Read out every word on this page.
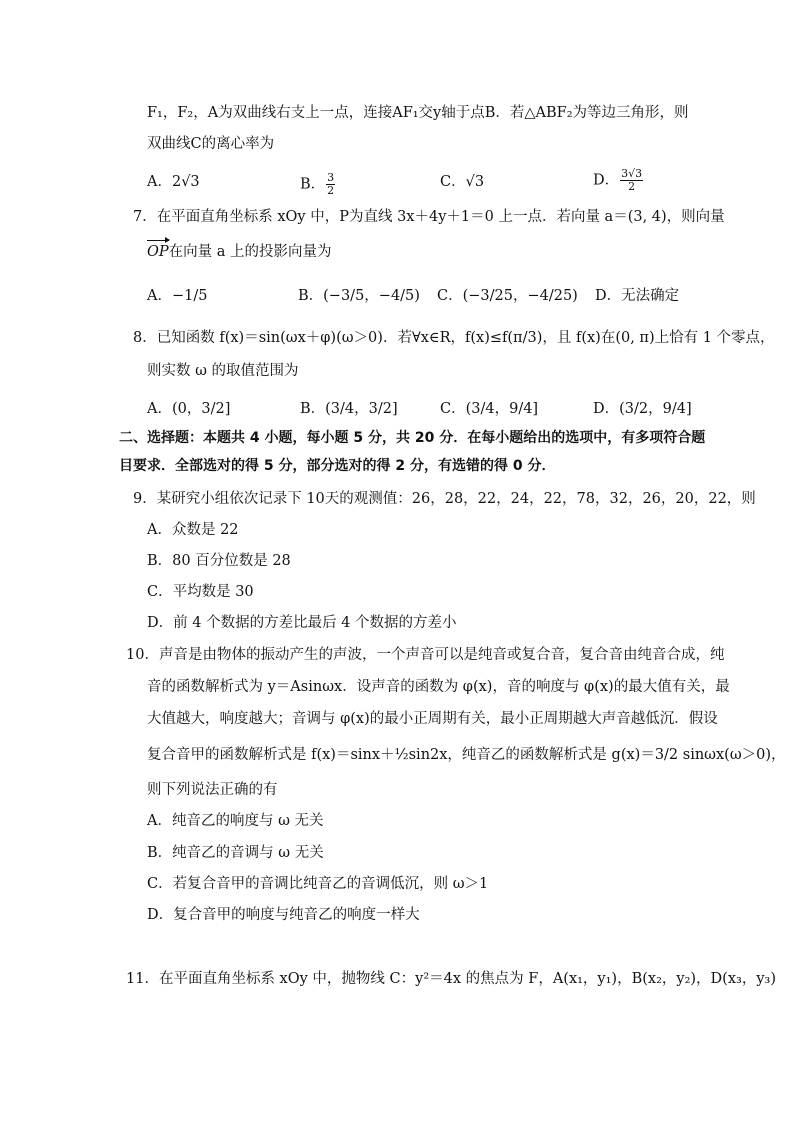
F₁，F₂，A为双曲线右支上一点，连接AF₁交y轴于点B．若△ABF₂为等边三角形，则
双曲线C的离心率为
A．2√3	B． $\frac{3}{2}$	C．√3	D． $\frac{3√3}{2}$
7．在平面直角坐标系 xOy 中，P为直线 3x＋4y＋1＝0 上一点．若向量 a＝(3, 4)，则向量
OP在向量 a 上的投影向量为
A．−1/5	B．(−3/5，−4/5) C．(−3/25，−4/25) D．无法确定
8．已知函数 f(x)＝sin(ωx＋φ)(ω＞0)．若∀x∈R，f(x)≤f(π/3)，且 f(x)在(0, π)上恰有 1 个零点，
则实数 ω 的取值范围为
A．(0，3/2]	B．(3/4，3/2]	C．(3/4，9/4]	D．(3/2，9/4]
二、选择题：本题共 4 小题，每小题 5 分，共 20 分．在每小题给出的选项中，有多项符合题
目要求．全部选对的得 5 分，部分选对的得 2 分，有选错的得 0 分．
9．某研究小组依次记录下 10天的观测值：26，28，22，24，22，78，32，26，20，22，则
A．众数是 22
B．80 百分位数是 28
C．平均数是 30
D．前 4 个数据的方差比最后 4 个数据的方差小
10．声音是由物体的振动产生的声波，一个声音可以是纯音或复合音，复合音由纯音合成，纯
音的函数解析式为 y＝Asinωx．设声音的函数为 φ(x)，音的响度与 φ(x)的最大值有关，最
大值越大，响度越大；音调与 φ(x)的最小正周期有关，最小正周期越大声音越低沉．假设
复合音甲的函数解析式是 f(x)＝sinx＋½sin2x，纯音乙的函数解析式是 g(x)＝3/2 sinωx(ω＞0)，
则下列说法正确的有
A．纯音乙的响度与 ω 无关
B．纯音乙的音调与 ω 无关
C．若复合音甲的音调比纯音乙的音调低沉，则 ω＞1
D．复合音甲的响度与纯音乙的响度一样大
11．在平面直角坐标系 xOy 中，抛物线 C：y²＝4x 的焦点为 F，A(x₁，y₁)，B(x₂，y₂)，D(x₃，y₃)
